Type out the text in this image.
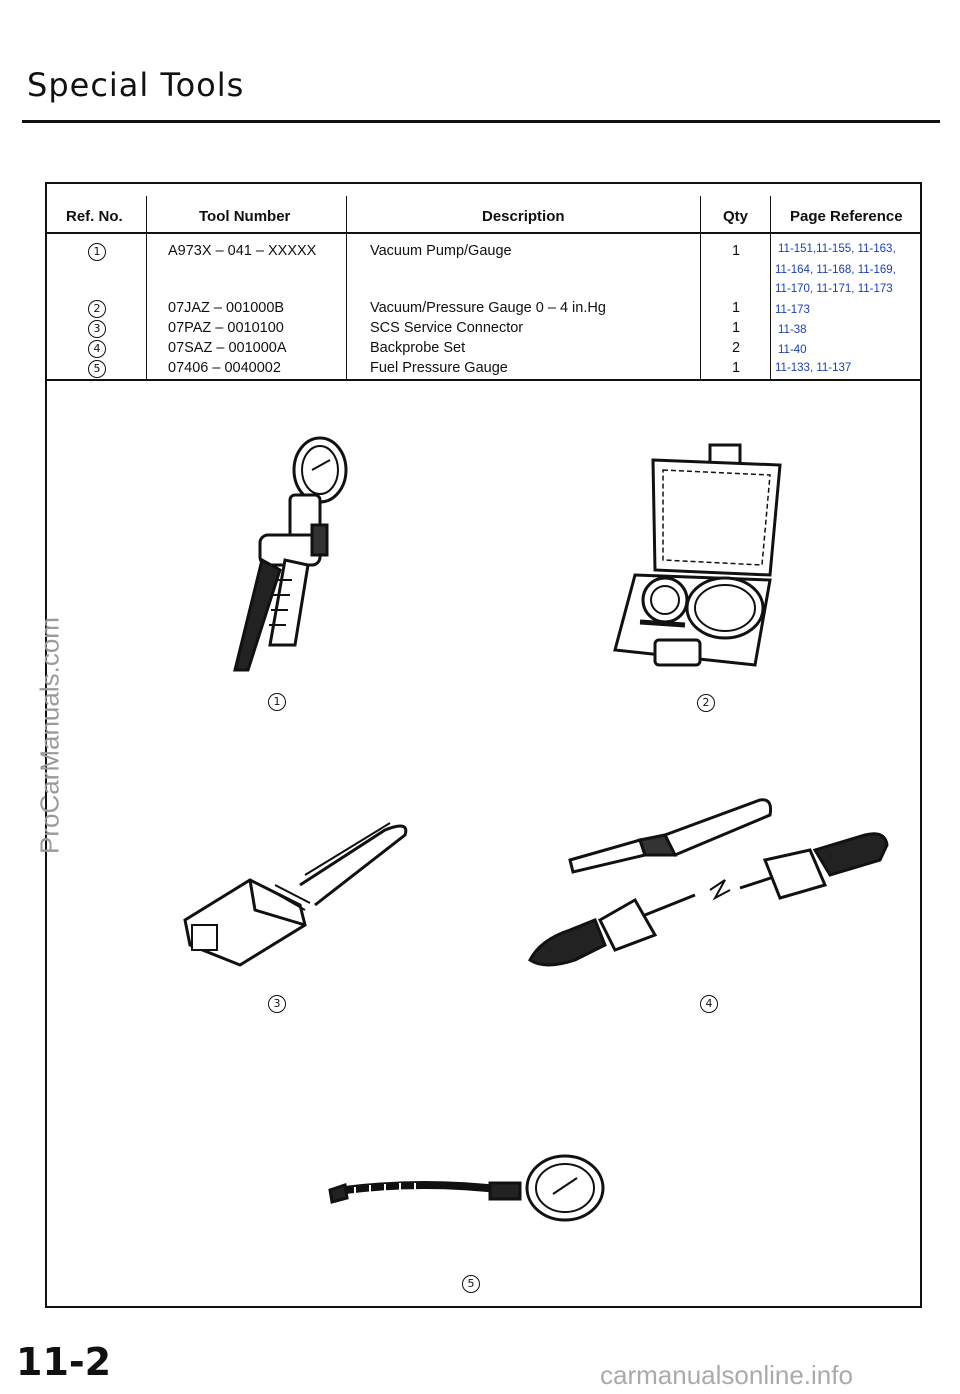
Special Tools
Ref. No.	Tool Number	Description	Qty	Page Reference
1	A973X – 041 – XXXXX	Vacuum Pump/Gauge	1	11-151,11-155, 11-163,
11-164, 11-168, 11-169,
11-170, 11-171, 11-173
2	07JAZ – 001000B	Vacuum/Pressure Gauge 0 – 4 in.Hg	1	11-173
3	07PAZ – 0010100	SCS Service Connector	1	11-38
4	07SAZ – 001000A	Backprobe Set	2	11-40
5	07406 – 0040002	Fuel Pressure Gauge	1	11-133, 11-137
1	2
3	4
5
ProCarManuals.com
11-2	carmanualsonline.info
